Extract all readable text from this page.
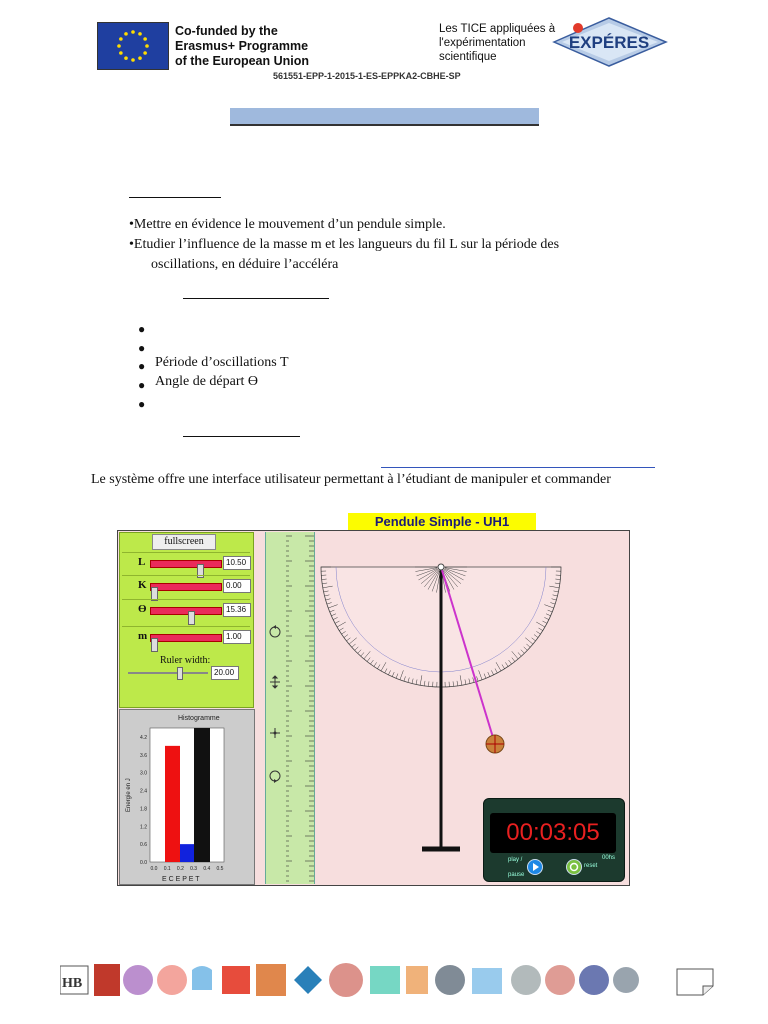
Co-funded by the
Erasmus+ Programme
of the European Union
Les TICE appliquées à
l'expérimentation
scientifique
EXPÉRES
561551-EPP-1-2015-1-ES-EPPKA2-CBHE-SP
•Mettre en évidence le mouvement d’un pendule simple.
•Etudier l’influence de la masse m et les langueurs du fil L sur la période des
oscillations, en déduire l’accéléra
●
●
● Période d’oscillations T
● Angle de départ Ɵ
●
Le système offre une interface utilisateur permettant à l’étudiant de manipuler et commander
Pendule Simple - UH1
fullscreen
L	10.50
K	0.00
Ɵ	15.36
m	1.00
Ruler width:
20.00
Histogramme
Energie en J
E C E P E T
0.0
0.6
1.2
1.8
2.4
3.0
3.6
4.2
0.0 0.1 0.2 0.3 0.4 0.5
00:03:05
00hs
play /
pause
reset
HB
